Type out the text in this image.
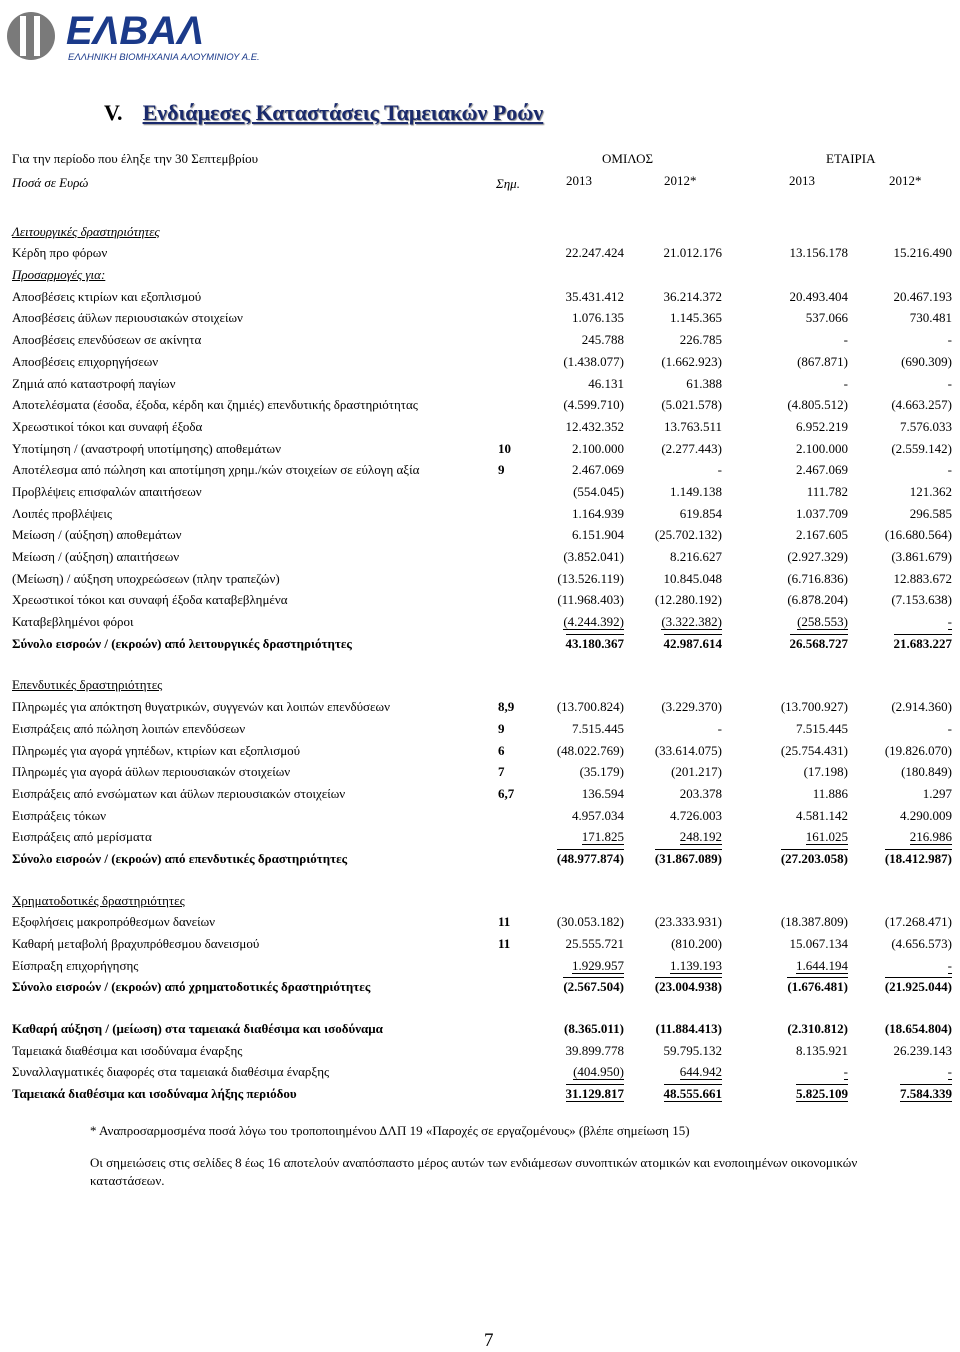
ΕΛΒΑΛ
ΕΛΛΗΝΙΚΗ ΒΙΟΜΗΧΑΝΙΑ ΑΛΟΥΜΙΝΙΟΥ Α.Ε.
V. Ενδιάμεσες Καταστάσεις Ταμειακών Ροών
Για την περίοδο που έληξε την 30 Σεπτεμβρίου	ΟΜΙΛΟΣ	ΕΤΑΙΡΙΑ
Ποσά σε Ευρώ	Σημ.	2013	2012*	2013	2012*
Λειτουργικές δραστηριότητες					
Κέρδη προ φόρων		22.247.424	21.012.176	13.156.178	15.216.490
Προσαρμογές για:					
Αποσβέσεις κτιρίων και εξοπλισμού		35.431.412	36.214.372	20.493.404	20.467.193
Αποσβέσεις άϋλων περιουσιακών στοιχείων		1.076.135	1.145.365	537.066	730.481
Αποσβέσεις επενδύσεων σε ακίνητα		245.788	226.785	-	-
Αποσβέσεις επιχορηγήσεων		(1.438.077)	(1.662.923)	(867.871)	(690.309)
Ζημιά από καταστροφή παγίων		46.131	61.388	-	-
Αποτελέσματα (έσοδα, έξοδα, κέρδη και ζημιές) επενδυτικής δραστηριότητας		(4.599.710)	(5.021.578)	(4.805.512)	(4.663.257)
Χρεωστικοί τόκοι και συναφή έξοδα		12.432.352	13.763.511	6.952.219	7.576.033
Υποτίμηση / (αναστροφή υποτίμησης) αποθεμάτων	10	2.100.000	(2.277.443)	2.100.000	(2.559.142)
Αποτέλεσμα από πώληση και αποτίμηση χρημ./κών στοιχείων σε εύλογη αξία	9	2.467.069	-	2.467.069	-
Προβλέψεις επισφαλών απαιτήσεων		(554.045)	1.149.138	111.782	121.362
Λοιπές προβλέψεις		1.164.939	619.854	1.037.709	296.585
Μείωση / (αύξηση) αποθεμάτων		6.151.904	(25.702.132)	2.167.605	(16.680.564)
Μείωση / (αύξηση) απαιτήσεων		(3.852.041)	8.216.627	(2.927.329)	(3.861.679)
(Μείωση) / αύξηση υποχρεώσεων (πλην τραπεζών)		(13.526.119)	10.845.048	(6.716.836)	12.883.672
Χρεωστικοί τόκοι και συναφή έξοδα καταβεβλημένα		(11.968.403)	(12.280.192)	(6.878.204)	(7.153.638)
Καταβεβλημένοι φόροι		(4.244.392)	(3.322.382)	(258.553)	-
Σύνολο εισροών / (εκροών) από λειτουργικές δραστηριότητες		43.180.367	42.987.614	26.568.727	21.683.227

Επενδυτικές δραστηριότητες					
Πληρωμές για απόκτηση θυγατρικών, συγγενών και λοιπών επενδύσεων	8,9	(13.700.824)	(3.229.370)	(13.700.927)	(2.914.360)
Εισπράξεις από πώληση λοιπών επενδύσεων	9	7.515.445	-	7.515.445	-
Πληρωμές για αγορά γηπέδων, κτιρίων και εξοπλισμού	6	(48.022.769)	(33.614.075)	(25.754.431)	(19.826.070)
Πληρωμές για αγορά άϋλων περιουσιακών στοιχείων	7	(35.179)	(201.217)	(17.198)	(180.849)
Εισπράξεις από ενσώματων και άϋλων περιουσιακών στοιχείων	6,7	136.594	203.378	11.886	1.297
Εισπράξεις τόκων		4.957.034	4.726.003	4.581.142	4.290.009
Εισπράξεις από μερίσματα		171.825	248.192	161.025	216.986
Σύνολο εισροών / (εκροών) από επενδυτικές δραστηριότητες		(48.977.874)	(31.867.089)	(27.203.058)	(18.412.987)

Χρηματοδοτικές δραστηριότητες					
Εξοφλήσεις μακροπρόθεσμων δανείων	11	(30.053.182)	(23.333.931)	(18.387.809)	(17.268.471)
Καθαρή μεταβολή βραχυπρόθεσμου δανεισμού	11	25.555.721	(810.200)	15.067.134	(4.656.573)
Είσπραξη επιχορήγησης		1.929.957	1.139.193	1.644.194	-
Σύνολο εισροών / (εκροών) από χρηματοδοτικές δραστηριότητες		(2.567.504)	(23.004.938)	(1.676.481)	(21.925.044)

Καθαρή αύξηση / (μείωση) στα ταμειακά διαθέσιμα και ισοδύναμα		(8.365.011)	(11.884.413)	(2.310.812)	(18.654.804)
Ταμειακά διαθέσιμα και ισοδύναμα έναρξης		39.899.778	59.795.132	8.135.921	26.239.143
Συναλλαγματικές διαφορές στα ταμειακά διαθέσιμα έναρξης		(404.950)	644.942	-	-
Ταμειακά διαθέσιμα και ισοδύναμα λήξης περιόδου		31.129.817	48.555.661	5.825.109	7.584.339
* Αναπροσαρμοσμένα ποσά λόγω του τροποποιημένου ΔΛΠ 19 «Παροχές σε εργαζομένους» (βλέπε σημείωση 15)
Οι σημειώσεις στις σελίδες 8 έως 16 αποτελούν αναπόσπαστο μέρος αυτών των ενδιάμεσων συνοπτικών ατομικών και ενοποιημένων οικονομικών καταστάσεων.
7
